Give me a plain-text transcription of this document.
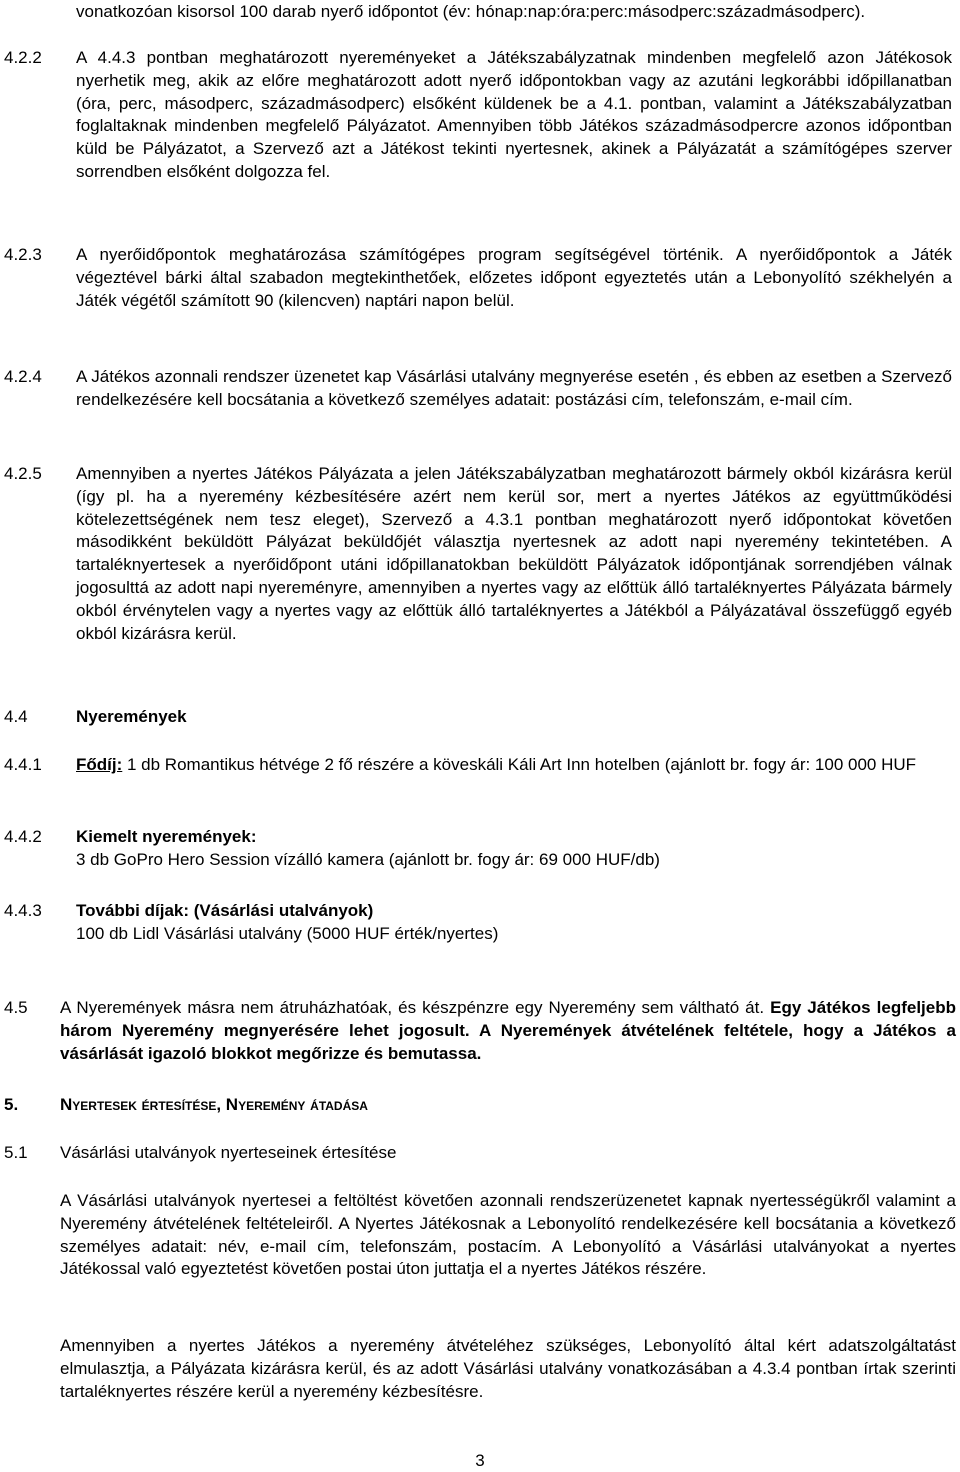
vonatkozóan kisorsol 100 darab nyerő időpontot (év: hónap:nap:óra:perc:másodperc:századmásodperc).
4.2.2 A 4.4.3 pontban meghatározott nyereményeket a Játékszabályzatnak mindenben megfelelő azon Játékosok nyerhetik meg, akik az előre meghatározott adott nyerő időpontokban vagy az azutáni legkorábbi időpillanatban (óra, perc, másodperc, századmásodperc) elsőként küldenek be a 4.1. pontban, valamint a Játékszabályzatban foglaltaknak mindenben megfelelő Pályázatot. Amennyiben több Játékos századmásodpercre azonos időpontban küld be Pályázatot, a Szervező azt a Játékost tekinti nyertesnek, akinek a Pályázatát a számítógépes szerver sorrendben elsőként dolgozza fel.
4.2.3 A nyerőidőpontok meghatározása számítógépes program segítségével történik. A nyerőidőpontok a Játék végeztével bárki által szabadon megtekinthetőek, előzetes időpont egyeztetés után a Lebonyolító székhelyén a Játék végétől számított 90 (kilencven) naptári napon belül.
4.2.4 A Játékos azonnali rendszer üzenetet kap Vásárlási utalvány megnyerése esetén , és ebben az esetben a Szervező rendelkezésére kell bocsátania a következő személyes adatait: postázási cím, telefonszám, e-mail cím.
4.2.5 Amennyiben a nyertes Játékos Pályázata a jelen Játékszabályzatban meghatározott bármely okból kizárásra kerül (így pl. ha a nyeremény kézbesítésére azért nem kerül sor, mert a nyertes Játékos az együttműködési kötelezettségének nem tesz eleget), Szervező a 4.3.1 pontban meghatározott nyerő időpontokat követően másodikként beküldött Pályázat beküldőjét választja nyertesnek az adott napi nyeremény tekintetében. A tartaléknyertesek a nyerőidőpont utáni időpillanatokban beküldött Pályázatok időpontjának sorrendjében válnak jogosulttá az adott napi nyereményre, amennyiben a nyertes vagy az előttük álló tartaléknyertes Pályázata bármely okból érvénytelen vagy a nyertes vagy az előttük álló tartaléknyertes a Játékból a Pályázatával összefüggő egyéb okból kizárásra kerül.
4.4	Nyeremények
4.4.1 Fődíj: 1 db Romantikus hétvége 2 fő részére a köveskáli Káli Art Inn hotelben (ajánlott br. fogy ár: 100 000 HUF
4.4.2 Kiemelt nyeremények:
3 db GoPro Hero Session vízálló kamera (ajánlott br. fogy ár: 69 000 HUF/db)
4.4.3 További díjak: (Vásárlási utalványok)
100 db Lidl Vásárlási utalvány (5000 HUF érték/nyertes)
4.5 A Nyeremények másra nem átruházhatóak, és készpénzre egy Nyeremény sem váltható át. Egy Játékos legfeljebb három Nyeremény megnyerésére lehet jogosult. A Nyeremények átvételének feltétele, hogy a Játékos a vásárlását igazoló blokkot megőrizze és bemutassa.
5. Nyertesek értesítése, Nyeremény átadása
5.1 Vásárlási utalványok nyerteseinek értesítése
A Vásárlási utalványok nyertesei a feltöltést követően azonnali rendszerüzenetet kapnak nyertességükről valamint a Nyeremény átvételének feltételeiről. A Nyertes Játékosnak a Lebonyolító rendelkezésére kell bocsátania a következő személyes adatait: név, e-mail cím, telefonszám, postacím. A Lebonyolító a Vásárlási utalványokat a nyertes Játékossal való egyeztetést követően postai úton juttatja el a nyertes Játékos részére.
Amennyiben a nyertes Játékos a nyeremény átvételéhez szükséges, Lebonyolító által kért adatszolgáltatást elmulasztja, a Pályázata kizárásra kerül, és az adott Vásárlási utalvány vonatkozásában a 4.3.4 pontban írtak szerinti tartaléknyertes részére kerül a nyeremény kézbesítésre.
3
